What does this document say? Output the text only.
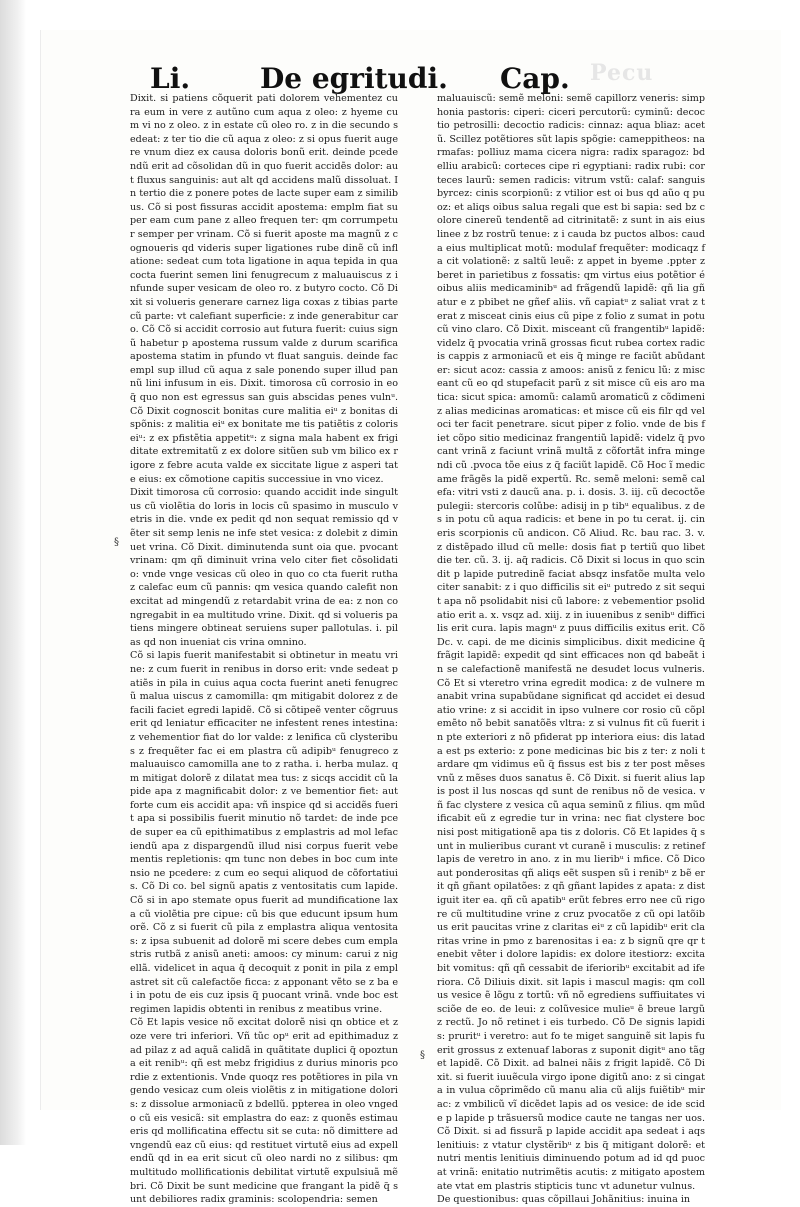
Pecu
Li. De egritudi. Cap.
§
§

Dixit. si patiens cõquerit pati dolorem vehementez cu ra eum in vere z autũno cum aqua z oleo: z hyeme cum vi no z oleo. z in estate cũ oleo ro. z in die secundo sedeat: z ter tio die cũ aqua z oleo: z si opus fuerit augere vnum diez ex causa doloris bonũ erit. deinde pcedendũ erit ad cõsolidan dũ in quo fuerit accidẽs dolor: aut fluxus sanguinis: aut alt qd accidens malũ dissoluat. In tertio die z ponere potes de lacte super eam z similibus. Cõ si post fissuras accidit apostema: emplm fiat super eam cum pane z alleo frequen ter: qm corrumpetur semper per vrinam. Cõ si fuerit aposte ma magnũ z cognoueris qd videris super ligationes rube dinẽ cũ inflatione: sedeat cum tota ligatione in aqua tepida in qua cocta fuerint semen lini fenugrecum z maluauiscus z infunde super vesicam de oleo ro. z butyro cocto. Cõ Di xit si volueris generare carnez liga coxas z tibias parte cũ parte: vt calefiant superficie: z inde generabitur caro. Cõ Cõ si accidit corrosio aut futura fuerit: cuius signũ habetur p apostema russum valde z durum scarifica apostema statim in pfundo vt fluat sanguis. deinde fac empl sup illud cũ aqua z sale ponendo super illud pannũ lini infusum in eis. Dixit. timorosa cũ corrosio in eo q̃ quo non est egressus san guis abscidas penes vulnᵘ. Cõ Dixit cognoscit bonitas cure malitia eiᵘ z bonitas dispõnis: z malitia eiᵘ ex bonitate me tis patiẽtis z coloris eiᵘ: z ex pfistẽtia appetitᵘ: z signa mala habent ex frigiditate extremitatũ z ex dolore sitũen sub vm bilico ex rigore z febre acuta valde ex siccitate ligue z asperi tate eius: ex cõmotione capitis successiue in vno vicez.

Dixit timorosa cũ corrosio: quando accidit inde singultus cũ violẽtia do loris in locis cũ spasimo in musculo vetris in die. vnde ex pedit qd non sequat remissio qd vẽter sit semp lenis ne infe stet vesica: z dolebit z diminuet vrina. Cõ Dixit. diminutenda sunt oia que. pvocant vrinam: qm qñ diminuit vrina velo citer fiet cõsolidatio: vnde vnge vesicas cũ oleo in quo co cta fuerit rutha z calefac eum cũ pannis: qm vesica quando calefit non excitat ad mingendũ z retardabit vrina de ea: z non congregabit in ea multitudo vrine. Dixit. qd si volueris patiens mingere obtineat seruiens super pallotulas. i. pilas qd non inueniat cis vrina omnino.

Cõ si lapis fuerit manifestabit si obtinetur in meatu vri ne: z cum fuerit in renibus in dorso erit: vnde sedeat patiẽs in pila in cuius aqua cocta fuerint aneti fenugrecũ malua uiscus z camomilla: qm mitigabit dolorez z de facili faciet egredi lapidẽ. Cõ si cõtipeẽ venter cõgruus erit qd leniatur efficaciter ne infestent renes intestina: z vehementior fiat do lor valde: z lenifica cũ clysteribus z frequẽter fac ei em plastra cũ adipibᵘ fenugreco z maluauisco camomilla ane to z ratha. i. herba mulaz. qm mitigat dolorẽ z dilatat mea tus: z sicqs accidit cũ lapide apa z magnificabit dolor: z ve bementior fiet: aut forte cum eis accidit apa: vñ inspice qd si accidẽs fuerit apa si possibilis fuerit minutio nõ tardet: de inde pcede super ea cũ epithimatibus z emplastris ad mol lefaciendũ apa z dispargendũ illud nisi corpus fuerit vebe mentis repletionis: qm tunc non debes in boc cum intensio ne pcedere: z cum eo sequi aliquod de cõfortatiuis. Cõ Di co. bel signũ apatis z ventositatis cum lapide. Cõ si in apo stemate opus fuerit ad mundificatione laxa cũ violẽtia pre cipue: cũ bis que educunt ipsum humorẽ. Cõ z si fuerit cũ pila z emplastra aliqua ventositas: z ipsa subuenit ad dolorẽ mi scere debes cum emplastris rutbã z anisũ aneti: amoos: cy minum: carui z nigellã. videlicet in aqua q̃ decoquit z ponit in pila z emplastret sit cũ calefactõe ficca: z apponant vẽto se z ba ei in potu de eis cuz ipsis q̃ puocant vrinã. vnde boc est regimen lapidis obtenti in renibus z meatibus vrine.

Cõ Et lapis vesice nõ excitat dolorẽ nisi qn obtice et z oze vere tri inferiori. Vñ tũc opᵘ erit ad epithimaduz z ad pilaz z ad aquã calidã in quãtitate duplici q̃ opoztuna eit renibᵘ: qñ est mebz frigidius z durius minoris pcordie z extentionis. Vnde quoqz res potẽtiores in pila vngendo vesicaz cum oleis violẽtis z in mitigatione doloris: z dissolue armoniacũ z bdellũ. ppterea in oleo vngedo cũ eis vesicã: sit emplastra do eaz: z quonẽs estimaueris qd mollificatina effectu sit se cuta: nõ dimittere ad vngendũ eaz cũ eius: qd restituet virtutẽ eius ad expellendũ qd in ea erit sicut cũ oleo nardi no z silibus: qm multitudo mollificationis debilitat virtutẽ expulsiuã mẽbri. Cõ Dixit be sunt medicine que frangant la pidẽ q̃ sunt debiliores radix graminis: scolopendria: semen

maluauiscũ: semẽ meloni: semẽ capillorz veneris: simphonia pastoris: ciperi: ciceri percutorũ: cyminũ: decoctio petrosilli: decoctio radicis: cinnaz: aqua bliaz: acetũ. Scillez potẽtiores sũt lapis spõgie: cameppitheos: narmafas: polliuz mama cicera nigra: radix sparagoz: bdelliu arabicũ: corteces cipe ri egyptiani: radix rubi: corteces laurũ: semen radicis: vitrum vstũ: calaf: sanguis byrcez: cinis scorpionũ: z vtilior est oi bus qd aũo q puoz: et aliqs oibus salua regali que est bi sapia: sed bz colore cinereũ tendentẽ ad citrinitatẽ: z sunt in ais eius linee z bz rostrũ tenue: z i cauda bz puctos albos: cauda eius multiplicat motũ: modulaf frequẽter: modicaqz fa cit volationẽ: z saltũ leuẽ: z appet in byeme .ppter z beret in parietibus z fossatis: qm virtus eius potẽtior é oibus aliis medicaminibᵘ ad frãgendũ lapidẽ: qñ lia gñatur e z pbibet ne gñef aliis. vñ capiatᵘ z saliat vrat z terat z misceat cinis eius cũ pipe z folio z sumat in potu cũ vino claro. Cõ Dixit. misceant cũ frangentibᵘ lapidẽ: videlz q̃ pvocatia vrinã grossas ficut rubea cortex radicis cappis z armoniacũ et eis q̃ minge re faciũt abũdanter: sicut acoz: cassia z amoos: anisũ z fenicu lũ: z misceant cũ eo qd stupefacit parũ z sit misce cũ eis aro matica: sicut spica: amomũ: calamũ aromaticũ z cõdimeni z alias medicinas aromaticas: et misce cũ eis filr qd veloci ter facit penetrare. sicut piper z folio. vnde de bis fiet cõpo sitio medicinaz frangentiũ lapidẽ: videlz q̃ pvocant vrinã z faciunt vrinã multã z cõfortãt infra mingendi cũ .pvoca tõe eius z q̃ faciũt lapidẽ. Cõ Hoc ĩ medicame frãgẽs la pidẽ expertũ. Rc. semẽ meloni: semẽ calefa: vitri vsti z daucũ ana. p. i. dosis. 3. iij. cũ decoctõe pulegii: stercoris colũbe: adisij in p tibᵘ equalibus. z des in potu cũ aqua radicis: et bene in po tu cerat. ij. cineris scorpionis cũ andicon. Cõ Aliud. Rc. bau rac. 3. v. z distẽpado illud cũ melle: dosis fiat p tertiũ quo libet die ter. cũ. 3. ij. aq̃ radicis. Cõ Dixit si locus in quo scin dit p lapide putredinẽ faciat absqz insfatõe multa velociter sanabit: z i quo difficilis sit eiᵘ putredo z sit sequit apa nõ psolidabit nisi cũ labore: z vebementior psolidatio erit a. x. vsqz ad. xiij. z in iuuenibus z senibᵘ difficilis erit cura. lapis magnᵘ z puus difficilis exitus erit. Cõ Dc. v. capi. de me dicinis simplicibus. dixit medicine q̃ frãgit lapidẽ: expedit qd sint efficaces non qd babeãt in se calefactionẽ manifestã ne desudet locus vulneris. Cõ Et si vteretro vrina egredit modica: z de vulnere manabit vrina supabũdane significat qd accidet ei desudatio vrine: z si accidit in ipso vulnere cor rosio cũ cõplemẽto nõ bebit sanatõẽs vltra: z si vulnus fit cũ fuerit in pte exteriori z nõ pfiderat pp interiora eius: dis latada est ps exterio: z pone medicinas bic bis z ter: z noli tardare qm vidimus eũ q̃ fissus est bis z ter post mẽses vnũ z mẽses duos sanatus ẽ. Cõ Dixit. si fuerit alius lapis post il lus noscas qd sunt de renibus nõ de vesica. vñ fac clystere z vesica cũ aqua seminũ z filius. qm mũdificabit eũ z egredie tur in vrina: nec fiat clystere boc nisi post mitigationẽ apa tis z doloris. Cõ Et lapides q̃ sunt in mulieribus curant vt curanẽ i musculis: z retinef lapis de veretro in ano. z in mu lieribᵘ i mfice. Cõ Dico aut ponderositas qñ aliqs eẽt suspen sũ i renibᵘ z bẽ erit qñ gñant opilatões: z qñ gñant lapides z apata: z distiguit iter ea. qñ cũ apatibᵘ erũt febres erro nee cũ rigore cũ multitudine vrine z cruz pvocatõe z cũ opi latõibus erit paucitas vrine z claritas eiᵘ z cũ lapidibᵘ erit claritas vrine in pmo z barenositas i ea: z b signũ qre qr tenebit vẽter i dolore lapidis: ex dolore itestiorz: excitabit vomitus: qñ qñ cessabit de iferioribᵘ excitabit ad iferiora. Cõ Diliuis dixit. sit lapis i mascul magis: qm collus vesice ẽ lõgu z tortũ: vñ nõ egrediens suffiuitates visciõe de eo. de leui: z colũvesice mulieᵘ ẽ breue largũ z rectũ. Jo nõ retinet i eis turbedo. Cõ De signis lapidis: pruritᵘ i veretro: aut fo te miget sanguinẽ sit lapis fuerit grossus z extenuaf laboras z suponit digitᵘ ano tãget lapidẽ. Cõ Dixit. ad balnei nãis z frigit lapidẽ. Cõ Dixit. si fuerit iuuẽcula virgo ipone digitũ ano: z si cingata in vulua cõprimẽdo cũ manu alia cũ alijs fuiẽtibᵘ mirac: z vmbilicũ vĩ dicẽdet lapis ad os vesice: de ide scide p lapide p trãsuersũ modice caute ne tangas ner uos. Cõ Dixit. si ad fissurã p lapide accidit apa sedeat i aqs lenitiuis: z vtatur clystẽribᵘ z bis q̃ mitigant dolorẽ: et nutri mentis lenitiuis diminuendo potum ad id qd puocat vrinã: enitatio nutrimẽtis acutis: z mitigato apostemate vtat em plastris stipticis tunc vt adunetur vulnus.

De questionibus: quas cõpillaui Johãnitius: inuina in
